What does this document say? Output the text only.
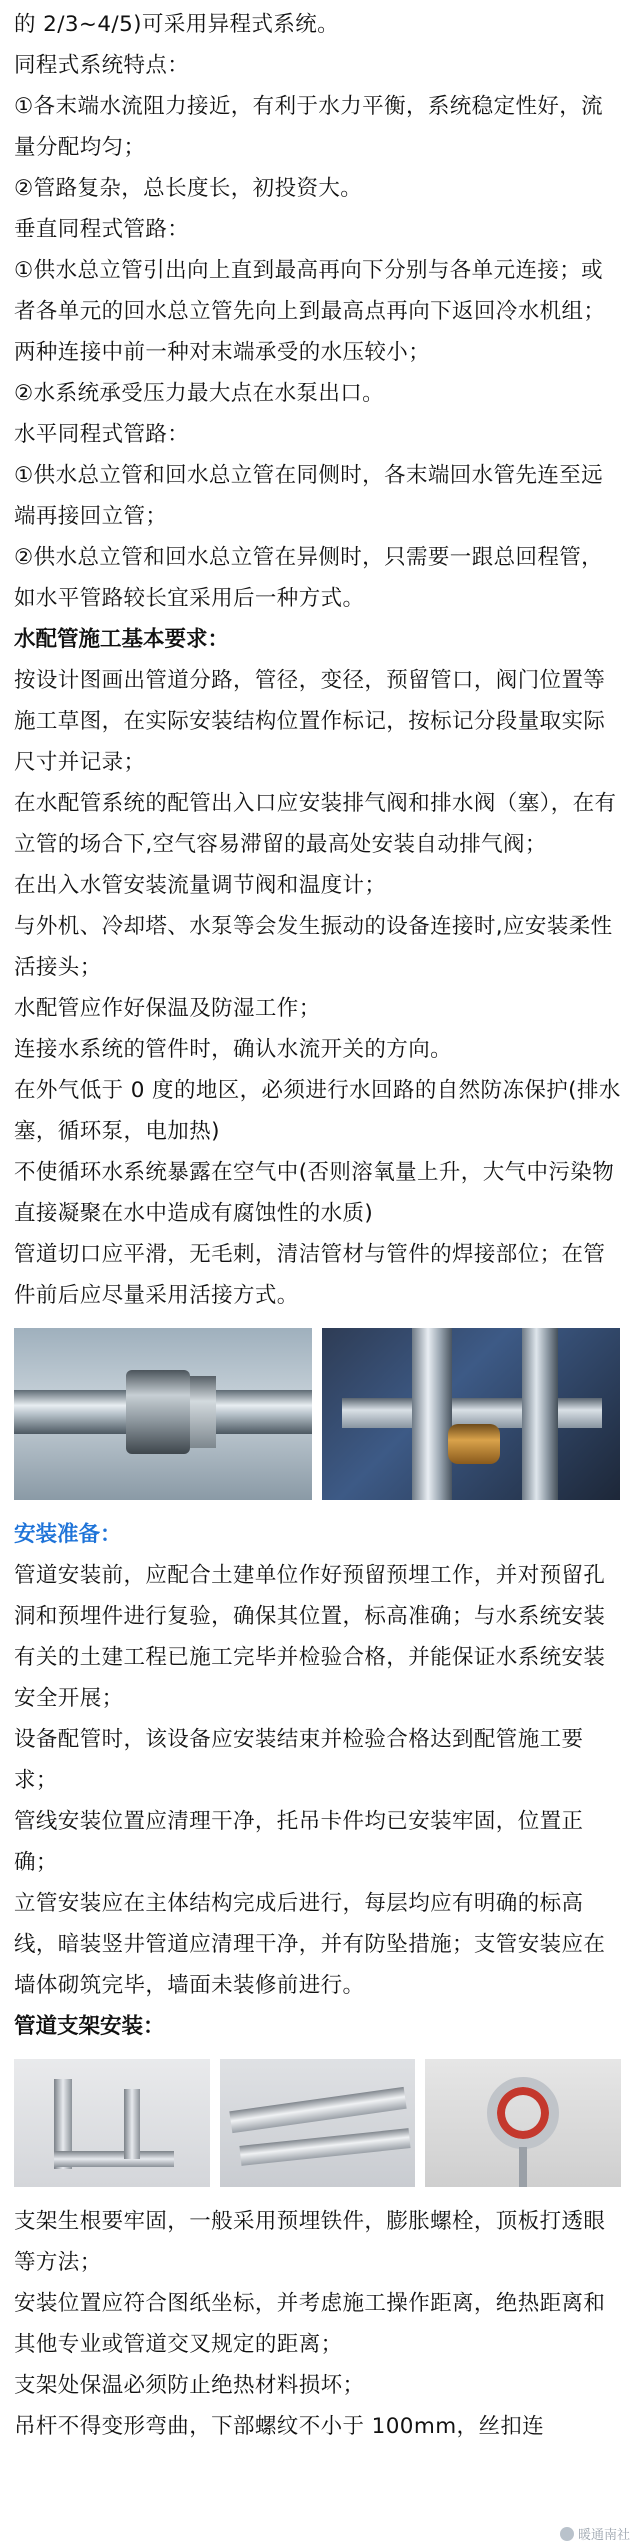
的 2/3~4/5)可采用异程式系统。

同程式系统特点：

①各末端水流阻力接近，有利于水力平衡，系统稳定性好，流量分配均匀；

②管路复杂，总长度长，初投资大。

垂直同程式管路：

①供水总立管引出向上直到最高再向下分别与各单元连接；或者各单元的回水总立管先向上到最高点再向下返回冷水机组；两种连接中前一种对末端承受的水压较小；

②水系统承受压力最大点在水泵出口。

水平同程式管路：

①供水总立管和回水总立管在同侧时，各末端回水管先连至远端再接回立管；

②供水总立管和回水总立管在异侧时，只需要一跟总回程管，如水平管路较长宜采用后一种方式。

水配管施工基本要求：

按设计图画出管道分路，管径，变径，预留管口，阀门位置等施工草图，在实际安装结构位置作标记，按标记分段量取实际尺寸并记录；

在水配管系统的配管出入口应安装排气阀和排水阀（塞），在有立管的场合下,空气容易滞留的最高处安装自动排气阀；

在出入水管安装流量调节阀和温度计；

与外机、冷却塔、水泵等会发生振动的设备连接时,应安装柔性活接头；

水配管应作好保温及防湿工作；

连接水系统的管件时，确认水流开关的方向。

在外气低于 0 度的地区，必须进行水回路的自然防冻保护(排水塞，循环泵，电加热)

不使循环水系统暴露在空气中(否则溶氧量上升，大气中污染物直接凝聚在水中造成有腐蚀性的水质)

管道切口应平滑，无毛刺，清洁管材与管件的焊接部位；在管件前后应尽量采用活接方式。

安装准备：

管道安装前，应配合土建单位作好预留预埋工作，并对预留孔洞和预埋件进行复验，确保其位置，标高准确；与水系统安装有关的土建工程已施工完毕并检验合格，并能保证水系统安装安全开展；

设备配管时，该设备应安装结束并检验合格达到配管施工要求；

管线安装位置应清理干净，托吊卡件均已安装牢固，位置正确；

立管安装应在主体结构完成后进行，每层均应有明确的标高线，暗装竖井管道应清理干净，并有防坠措施；支管安装应在墙体砌筑完毕，墙面未装修前进行。

管道支架安装：

支架生根要牢固，一般采用预埋铁件，膨胀螺栓，顶板打透眼等方法；

安装位置应符合图纸坐标，并考虑施工操作距离，绝热距离和其他专业或管道交叉规定的距离；

支架处保温必须防止绝热材料损坏；

吊杆不得变形弯曲，下部螺纹不小于 100mm，丝扣连

暖通南社
